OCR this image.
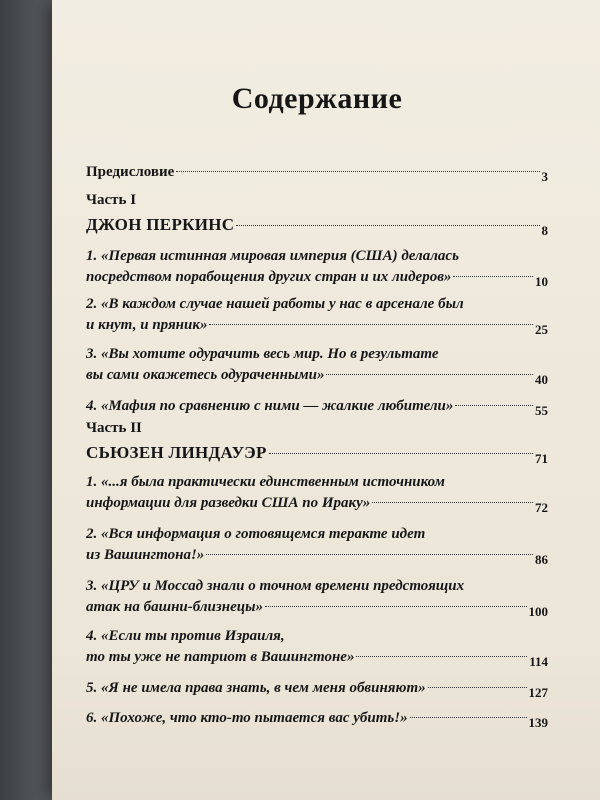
Содержание
Предисловие	3
Часть I
ДЖОН ПЕРКИНС	8
1. «Первая истинная мировая империя (США) делалась
посредством порабощения других стран и их лидеров»	10
2. «В каждом случае нашей работы у нас в арсенале был
и кнут, и пряник»	25
3. «Вы хотите одурачить весь мир. Но в результате
вы сами окажетесь одураченными»	40
4. «Мафия по сравнению с ними — жалкие любители»	55
Часть II
СЬЮЗЕН ЛИНДАУЭР	71
1. «...я была практически единственным источником
информации для разведки США по Ираку»	72
2. «Вся информация о готовящемся теракте идет
из Вашингтона!»	86
3. «ЦРУ и Моссад знали о точном времени предстоящих
атак на башни-близнецы»	100
4. «Если ты против Израиля,
то ты уже не патриот в Вашингтоне»	114
5. «Я не имела права знать, в чем меня обвиняют»	127
6. «Похоже, что кто-то пытается вас убить!»	139
